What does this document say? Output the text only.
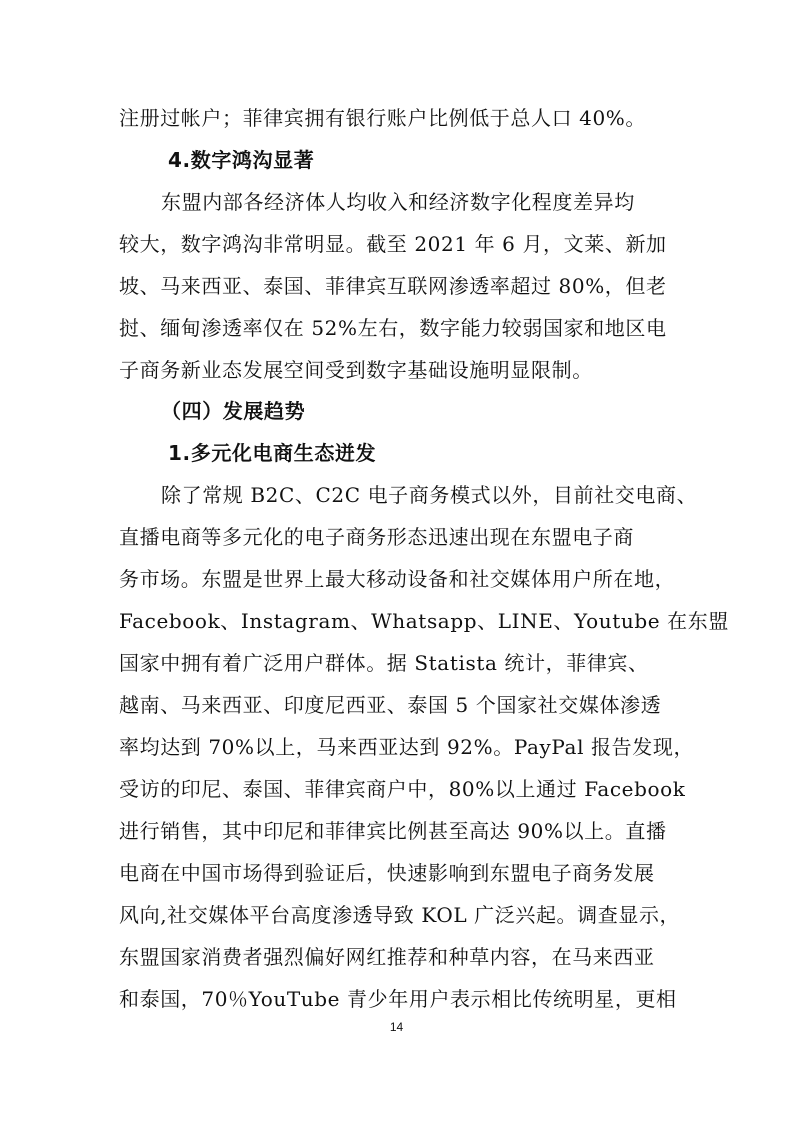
注册过帐户；菲律宾拥有银行账户比例低于总人口 40%。
4.数字鸿沟显著
东盟内部各经济体人均收入和经济数字化程度差异均
较大，数字鸿沟非常明显。截至 2021 年 6 月，文莱、新加
坡、马来西亚、泰国、菲律宾互联网渗透率超过 80%，但老
挝、缅甸渗透率仅在 52%左右，数字能力较弱国家和地区电
子商务新业态发展空间受到数字基础设施明显限制。
（四）发展趋势
1.多元化电商生态迸发
除了常规 B2C、C2C 电子商务模式以外，目前社交电商、
直播电商等多元化的电子商务形态迅速出现在东盟电子商
务市场。东盟是世界上最大移动设备和社交媒体用户所在地，
Facebook、Instagram、Whatsapp、LINE、Youtube 在东盟
国家中拥有着广泛用户群体。据 Statista 统计，菲律宾、
越南、马来西亚、印度尼西亚、泰国 5 个国家社交媒体渗透
率均达到 70%以上，马来西亚达到 92%。PayPal 报告发现，
受访的印尼、泰国、菲律宾商户中，80%以上通过 Facebook
进行销售，其中印尼和菲律宾比例甚至高达 90%以上。直播
电商在中国市场得到验证后，快速影响到东盟电子商务发展
风向,社交媒体平台高度渗透导致 KOL 广泛兴起。调查显示，
东盟国家消费者强烈偏好网红推荐和种草内容，在马来西亚
和泰国，70％YouTube 青少年用户表示相比传统明星，更相
14
